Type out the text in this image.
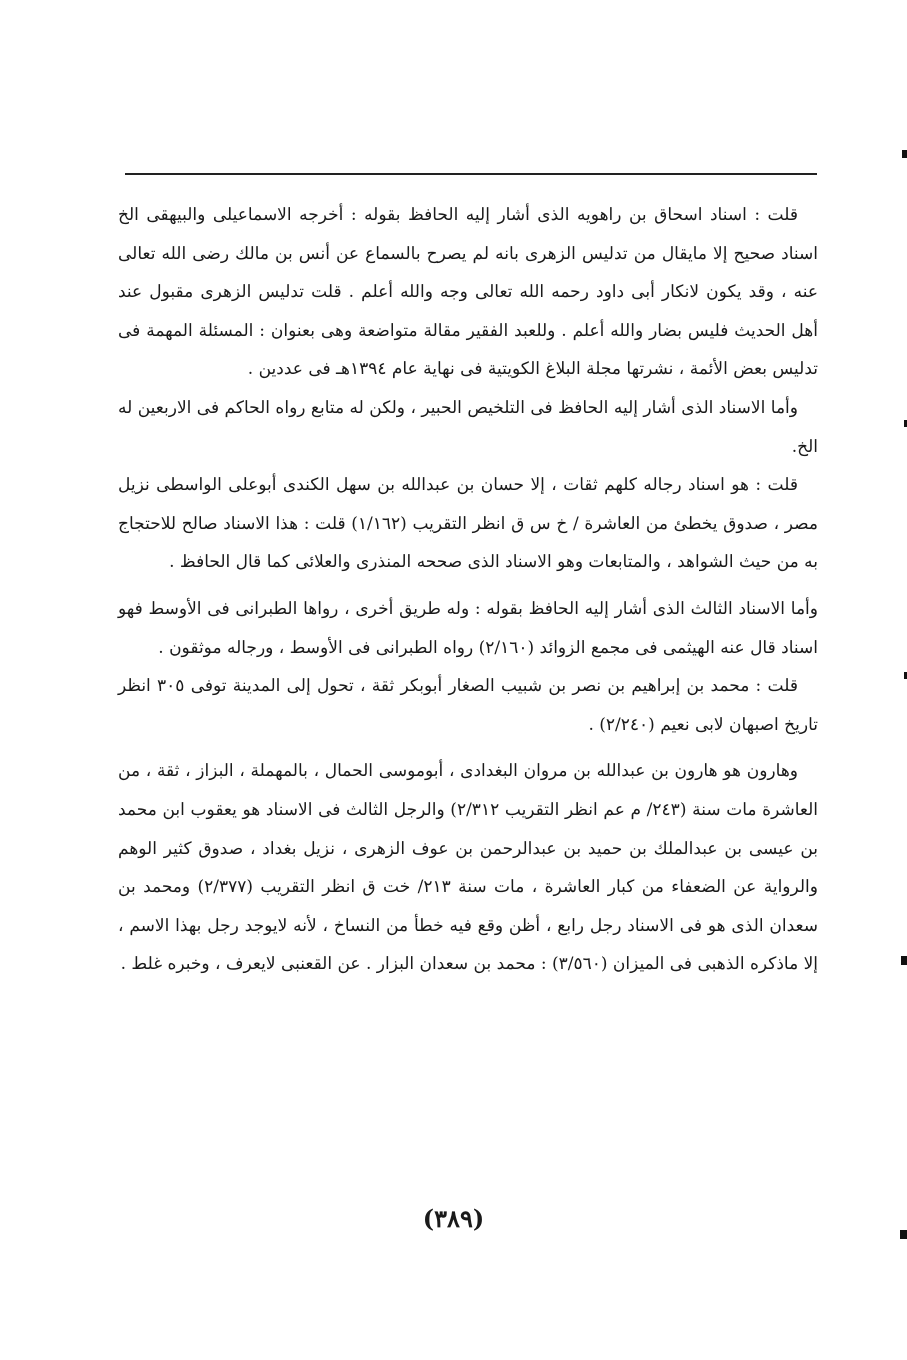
قلت : اسناد اسحاق بن راهويه الذى أشار إليه الحافظ بقوله : أخرجه الاسماعيلى والبيهقى الخ اسناد صحيح إلا مايقال من تدليس الزهرى بانه لم يصرح بالسماع عن أنس بن مالك رضى الله تعالى عنه ، وقد يكون لانكار أبى داود رحمه الله تعالى وجه والله أعلم . قلت تدليس الزهرى مقبول عند أهل الحديث فليس بضار والله أعلم . وللعبد الفقير مقالة متواضعة وهى بعنوان : المسئلة المهمة فى تدليس بعض الأئمة ، نشرتها مجلة البلاغ الكويتية فى نهاية عام ١٣٩٤هـ فى عددين .

وأما الاسناد الذى أشار إليه الحافظ فى التلخيص الحبير ، ولكن له متابع رواه الحاكم فى الاربعين له الخ.

قلت : هو اسناد رجاله كلهم ثقات ، إلا حسان بن عبدالله بن سهل الكندى أبوعلى الواسطى نزيل مصر ، صدوق يخطئ من العاشرة / خ س ق انظر التقريب (١/١٦٢) قلت : هذا الاسناد صالح للاحتجاج به من حيث الشواهد ، والمتابعات وهو الاسناد الذى صححه المنذرى والعلائى كما قال الحافظ .

وأما الاسناد الثالث الذى أشار إليه الحافظ بقوله : وله طريق أخرى ، رواها الطبرانى فى الأوسط فهو اسناد قال عنه الهيثمى فى مجمع الزوائد (٢/١٦٠) رواه الطبرانى فى الأوسط ، ورجاله موثقون .

قلت : محمد بن إبراهيم بن نصر بن شبيب الصغار أبوبكر ثقة ، تحول إلى المدينة توفى ٣٠٥ انظر تاريخ اصبهان لابى نعيم (٢/٢٤٠) .

وهارون هو هارون بن عبدالله بن مروان البغدادى ، أبوموسى الحمال ، بالمهملة ، البزاز ، ثقة ، من العاشرة مات سنة (٢٤٣/ م عم انظر التقريب ٢/٣١٢) والرجل الثالث فى الاسناد هو يعقوب ابن محمد بن عيسى بن عبدالملك بن حميد بن عبدالرحمن بن عوف الزهرى ، نزيل بغداد ، صدوق كثير الوهم والرواية عن الضعفاء من كبار العاشرة ، مات سنة ٢١٣/ خت ق انظر التقريب (٢/٣٧٧) ومحمد بن سعدان الذى هو فى الاسناد رجل رابع ، أظن وقع فيه خطأ من النساخ ، لأنه لايوجد رجل بهذا الاسم ، إلا ماذكره الذهبى فى الميزان (٣/٥٦٠) : محمد بن سعدان البزار . عن القعنبى لايعرف ، وخبره غلط .

(٣٨٩)
